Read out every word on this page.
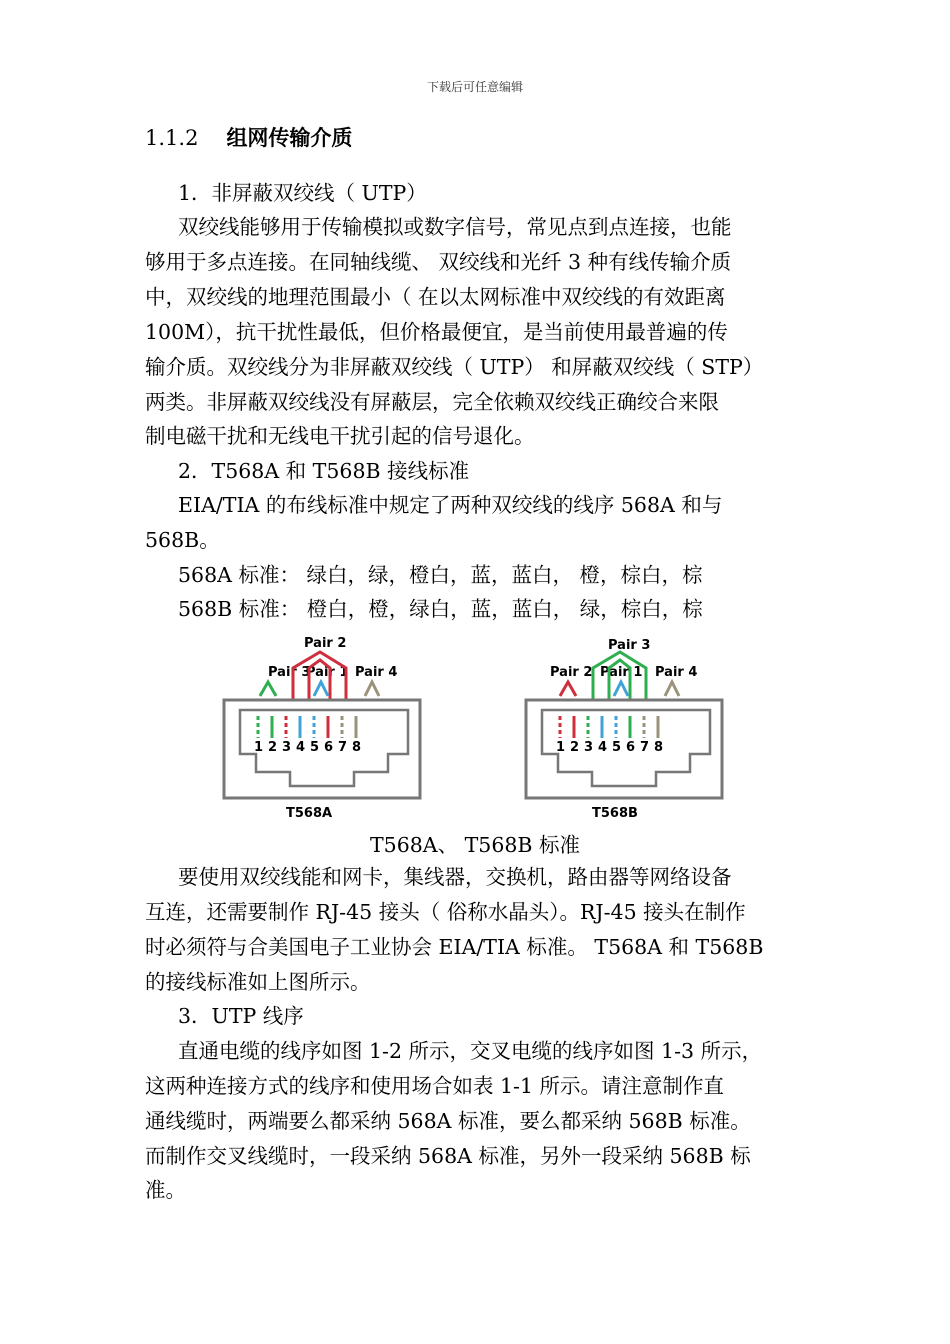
下载后可任意编辑
1.1.2 组网传输介质
1．非屏蔽双绞线（ UTP）
双绞线能够用于传输模拟或数字信号，常见点到点连接，也能
够用于多点连接。在同轴线缆、 双绞线和光纤 3 种有线传输介质
中，双绞线的地理范围最小（ 在以太网标准中双绞线的有效距离
100M），抗干扰性最低，但价格最便宜，是当前使用最普遍的传
输介质。双绞线分为非屏蔽双绞线（ UTP） 和屏蔽双绞线（ STP）
两类。非屏蔽双绞线没有屏蔽层，完全依赖双绞线正确绞合来限
制电磁干扰和无线电干扰引起的信号退化。
2．T568A 和 T568B 接线标准
EIA/TIA 的布线标准中规定了两种双绞线的线序 568A 和与
568B。
568A 标准： 绿白，绿，橙白，蓝，蓝白， 橙，棕白，棕
568B 标准： 橙白，橙，绿白，蓝，蓝白， 绿，棕白，棕
Pair 3
Pair 2
Pair 1 Pair 4
1 2 3 4 5 6 7 8
T568A
Pair 3
Pair 2 Pair 1 Pair 4
1 2 3 4 5 6 7 8
T568B
T568A、 T568B 标准
要使用双绞线能和网卡，集线器，交换机，路由器等网络设备
互连，还需要制作 RJ-45 接头（ 俗称水晶头）。RJ-45 接头在制作
时必须符与合美国电子工业协会 EIA/TIA 标准。 T568A 和 T568B
的接线标准如上图所示。
3．UTP 线序
直通电缆的线序如图 1-2 所示，交叉电缆的线序如图 1-3 所示，
这两种连接方式的线序和使用场合如表 1-1 所示。请注意制作直
通线缆时，两端要么都采纳 568A 标准，要么都采纳 568B 标准。
而制作交叉线缆时，一段采纳 568A 标准，另外一段采纳 568B 标
准。
